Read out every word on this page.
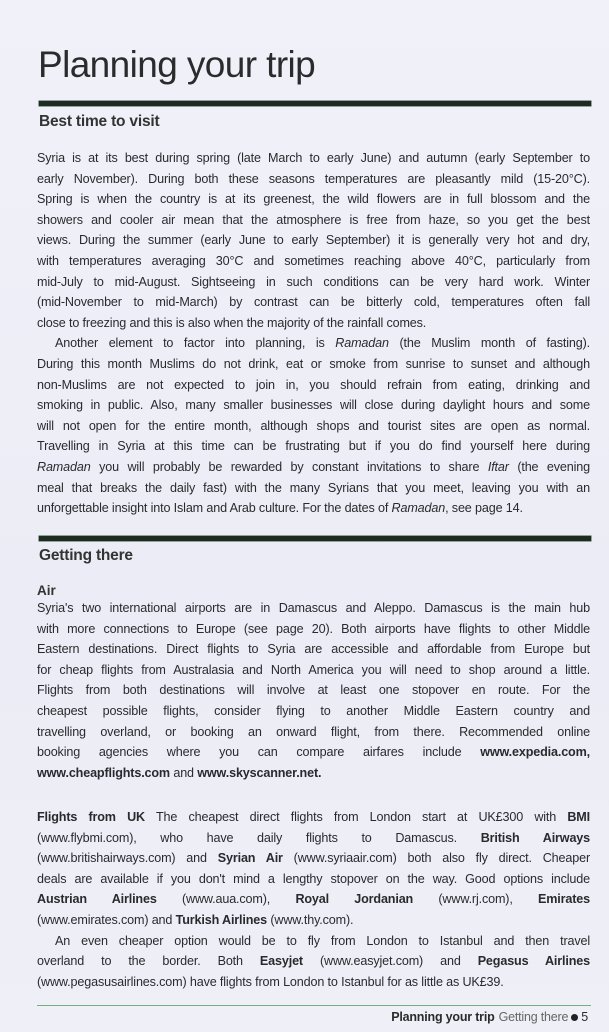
Planning your trip
Best time to visit
Syria is at its best during spring (late March to early June) and autumn (early September to
early November). During both these seasons temperatures are pleasantly mild (15-20°C).
Spring is when the country is at its greenest, the wild flowers are in full blossom and the
showers and cooler air mean that the atmosphere is free from haze, so you get the best
views. During the summer (early June to early September) it is generally very hot and dry,
with temperatures averaging 30°C and sometimes reaching above 40°C, particularly from
mid-July to mid-August. Sightseeing in such conditions can be very hard work. Winter
(mid-November to mid-March) by contrast can be bitterly cold, temperatures often fall
close to freezing and this is also when the majority of the rainfall comes.
Another element to factor into planning, is Ramadan (the Muslim month of fasting).
During this month Muslims do not drink, eat or smoke from sunrise to sunset and although
non-Muslims are not expected to join in, you should refrain from eating, drinking and
smoking in public. Also, many smaller businesses will close during daylight hours and some
will not open for the entire month, although shops and tourist sites are open as normal.
Travelling in Syria at this time can be frustrating but if you do find yourself here during
Ramadan you will probably be rewarded by constant invitations to share Iftar (the evening
meal that breaks the daily fast) with the many Syrians that you meet, leaving you with an
unforgettable insight into Islam and Arab culture. For the dates of Ramadan, see page 14.
Getting there
Air
Syria's two international airports are in Damascus and Aleppo. Damascus is the main hub
with more connections to Europe (see page 20). Both airports have flights to other Middle
Eastern destinations. Direct flights to Syria are accessible and affordable from Europe but
for cheap flights from Australasia and North America you will need to shop around a little.
Flights from both destinations will involve at least one stopover en route. For the
cheapest possible flights, consider flying to another Middle Eastern country and
travelling overland, or booking an onward flight, from there. Recommended online
booking agencies where you can compare airfares include www.expedia.com,
www.cheapflights.com and www.skyscanner.net.
Flights from UK The cheapest direct flights from London start at UK£300 with BMI
(www.flybmi.com), who have daily flights to Damascus. British Airways
(www.britishairways.com) and Syrian Air (www.syriaair.com) both also fly direct. Cheaper
deals are available if you don't mind a lengthy stopover on the way. Good options include
Austrian Airlines (www.aua.com), Royal Jordanian (www.rj.com), Emirates
(www.emirates.com) and Turkish Airlines (www.thy.com).
An even cheaper option would be to fly from London to Istanbul and then travel
overland to the border. Both Easyjet (www.easyjet.com) and Pegasus Airlines
(www.pegasusairlines.com) have flights from London to Istanbul for as little as UK£39.
Planning your trip Getting there 5
